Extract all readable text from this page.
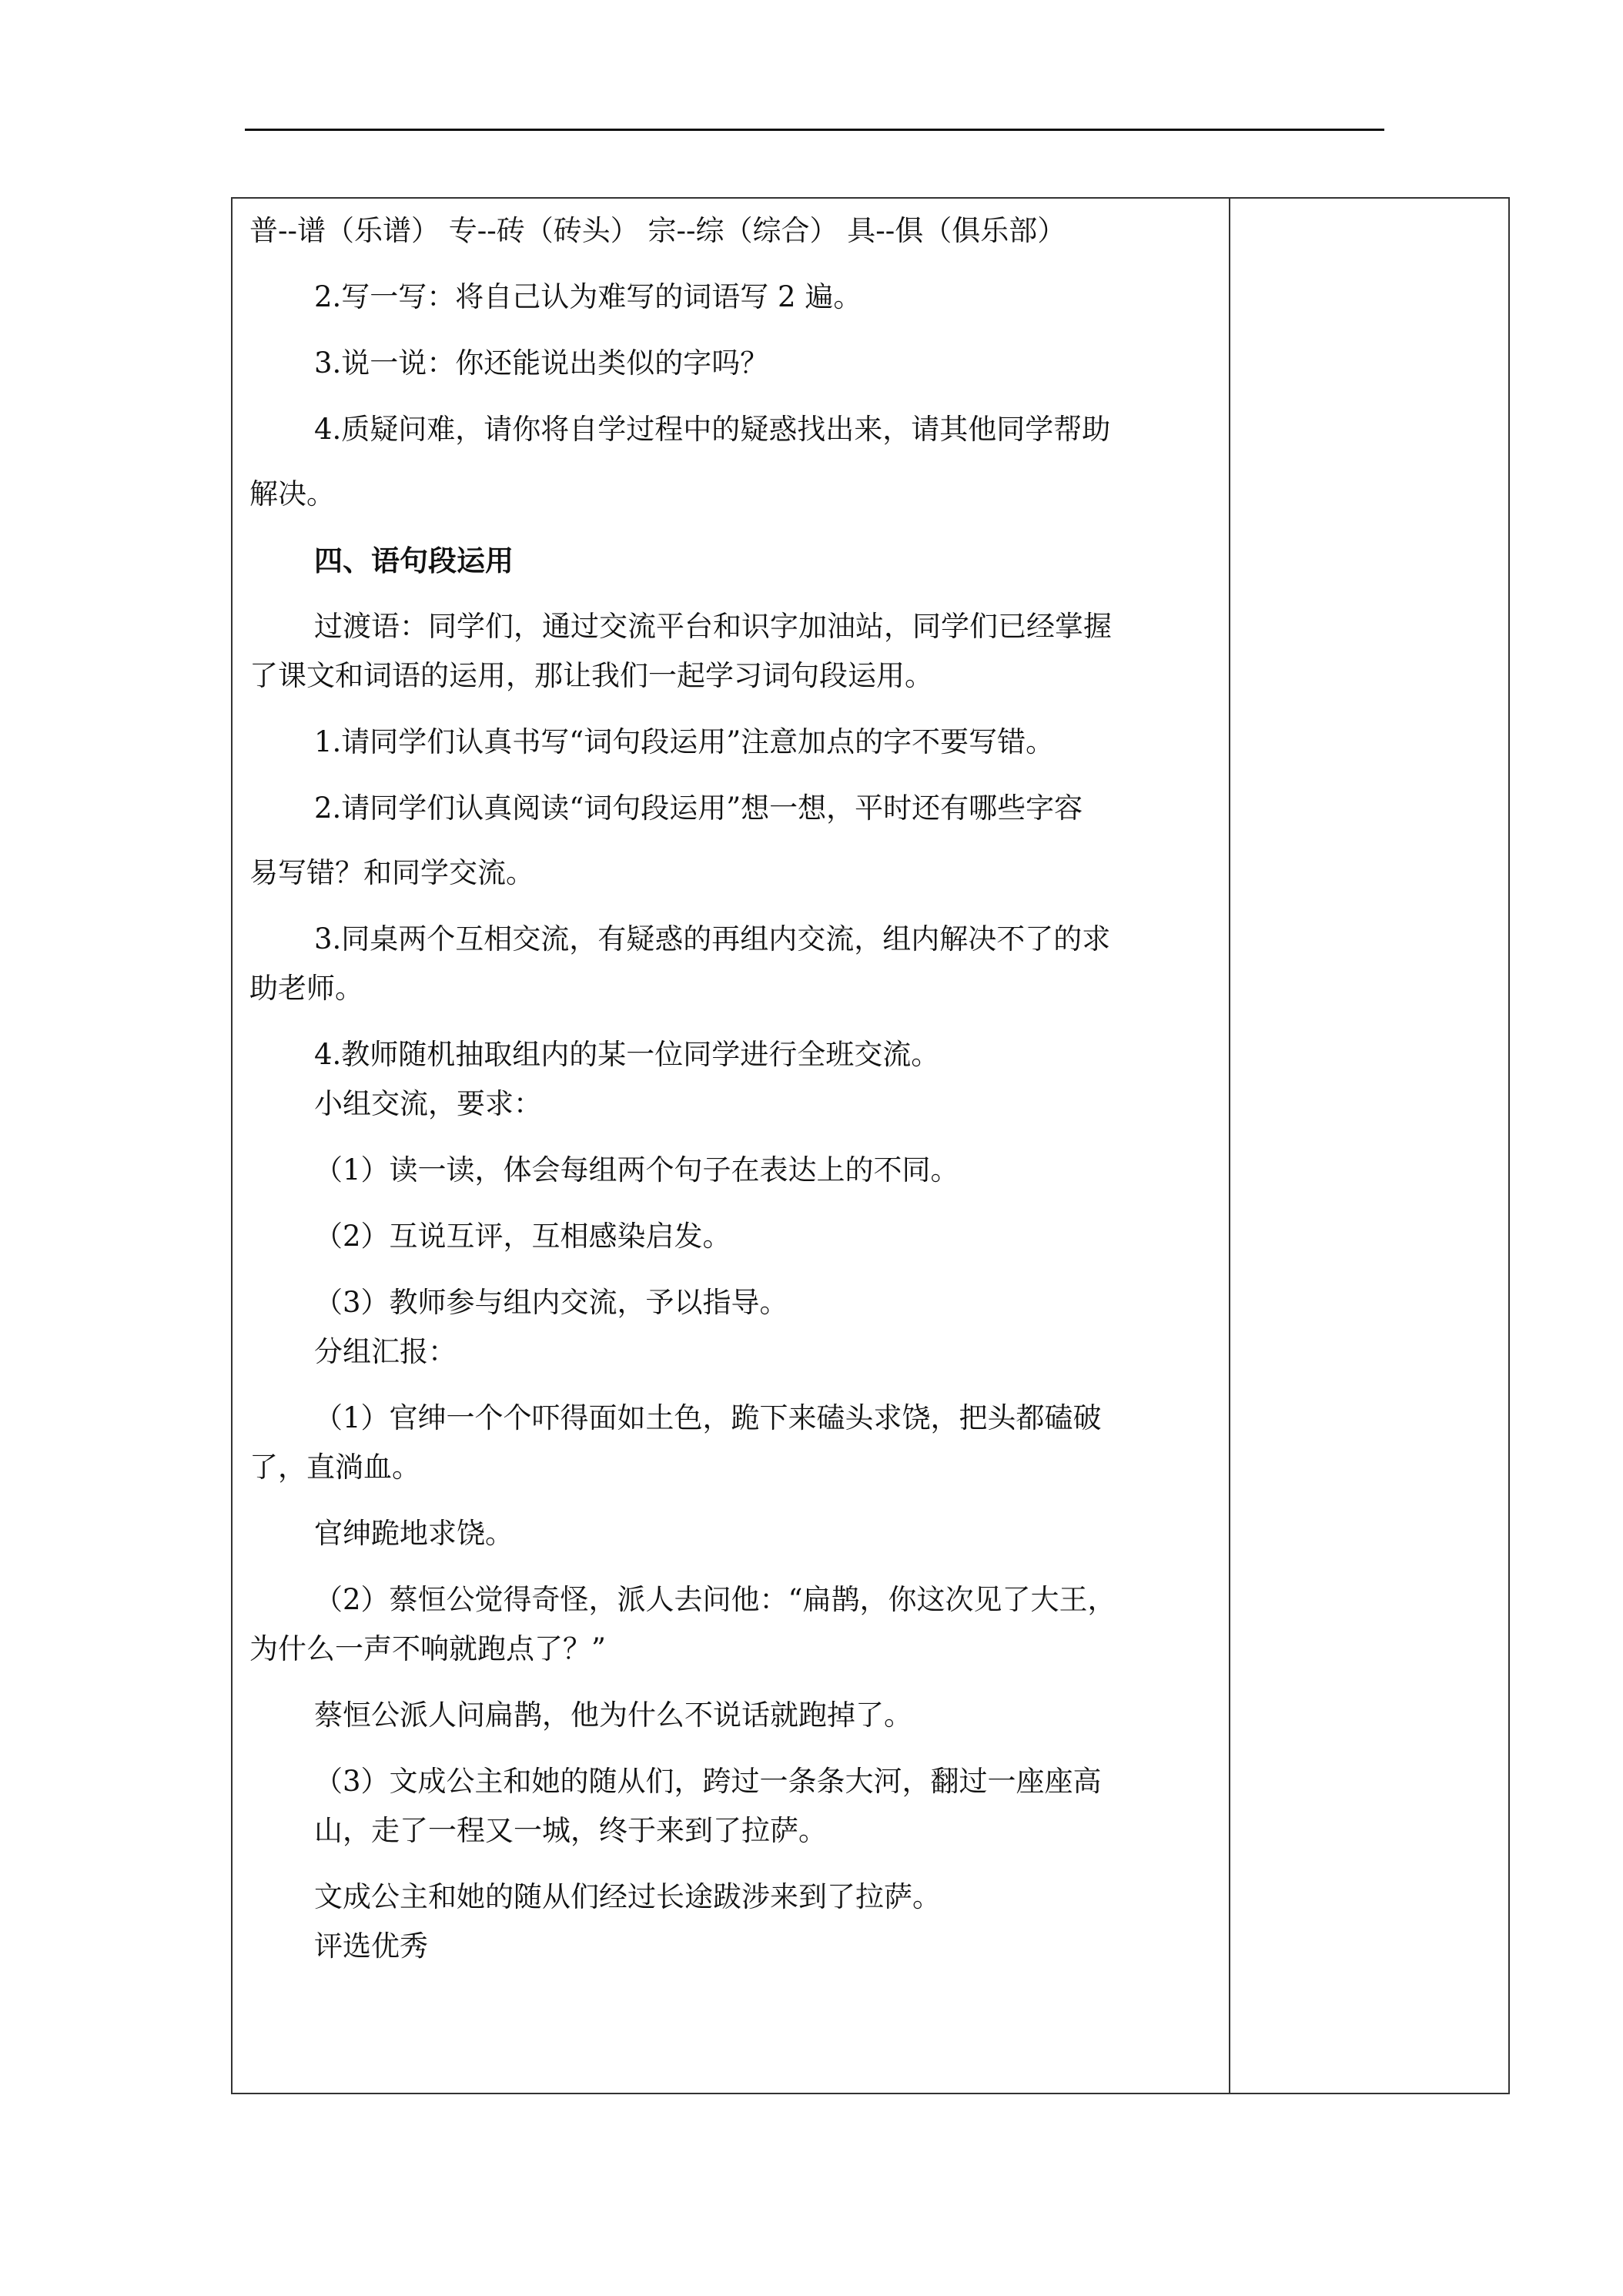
普--谱（乐谱） 专--砖（砖头） 宗--综（综合） 具--俱（俱乐部）
2.写一写：将自己认为难写的词语写 2 遍。
3.说一说：你还能说出类似的字吗？
4.质疑问难，请你将自学过程中的疑惑找出来，请其他同学帮助
解决。
四、语句段运用
过渡语：同学们，通过交流平台和识字加油站，同学们已经掌握
了课文和词语的运用，那让我们一起学习词句段运用。
1.请同学们认真书写“词句段运用”注意加点的字不要写错。
2.请同学们认真阅读“词句段运用”想一想，平时还有哪些字容
易写错？和同学交流。
3.同桌两个互相交流，有疑惑的再组内交流，组内解决不了的求
助老师。
4.教师随机抽取组内的某一位同学进行全班交流。
小组交流，要求：
（1）读一读，体会每组两个句子在表达上的不同。
（2）互说互评，互相感染启发。
（3）教师参与组内交流，予以指导。
分组汇报：
（1）官绅一个个吓得面如土色，跪下来磕头求饶，把头都磕破
了，直淌血。
官绅跪地求饶。
（2）蔡恒公觉得奇怪，派人去问他：“扁鹊，你这次见了大王，
为什么一声不响就跑点了？”
蔡恒公派人问扁鹊，他为什么不说话就跑掉了。
（3）文成公主和她的随从们，跨过一条条大河，翻过一座座高
山，走了一程又一城，终于来到了拉萨。
文成公主和她的随从们经过长途跋涉来到了拉萨。
评选优秀
